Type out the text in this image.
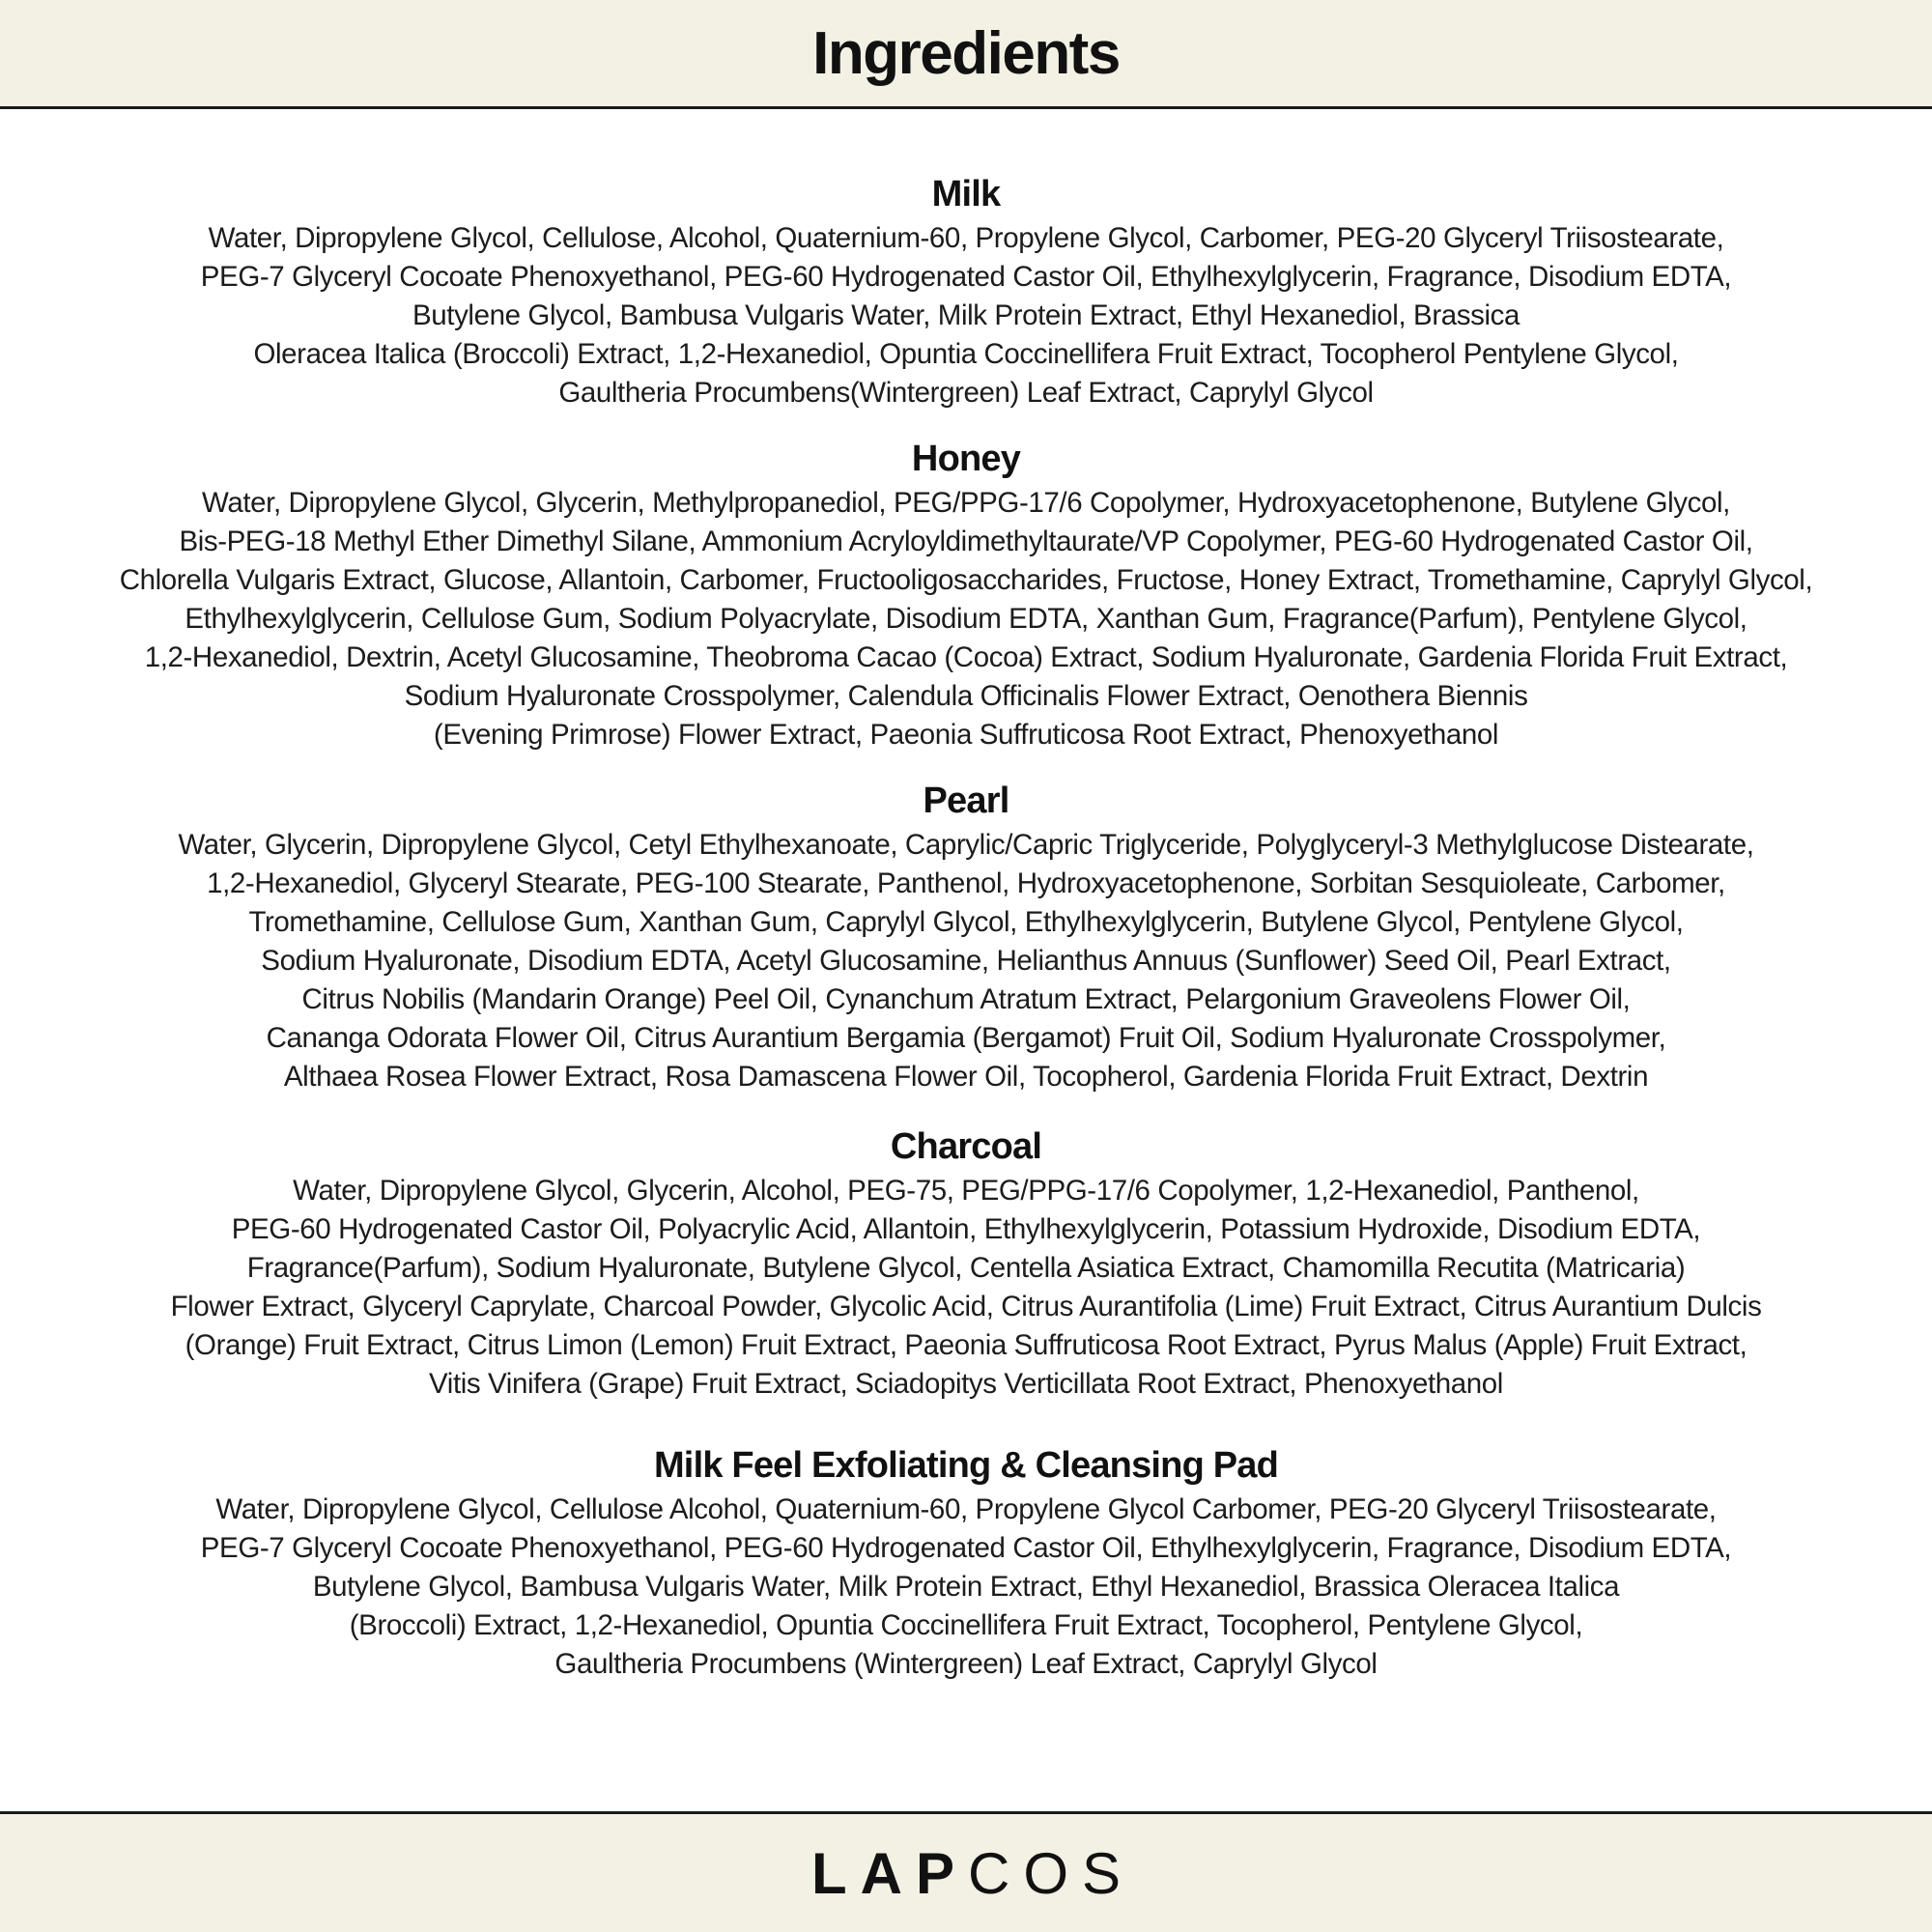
Ingredients
Milk
Water, Dipropylene Glycol, Cellulose, Alcohol, Quaternium-60, Propylene Glycol, Carbomer, PEG-20 Glyceryl Triisostearate,
PEG-7 Glyceryl Cocoate Phenoxyethanol, PEG-60 Hydrogenated Castor Oil, Ethylhexylglycerin, Fragrance, Disodium EDTA,
Butylene Glycol, Bambusa Vulgaris Water, Milk Protein Extract, Ethyl Hexanediol, Brassica
Oleracea Italica (Broccoli) Extract, 1,2-Hexanediol, Opuntia Coccinellifera Fruit Extract, Tocopherol Pentylene Glycol,
Gaultheria Procumbens(Wintergreen) Leaf Extract, Caprylyl Glycol
Honey
Water, Dipropylene Glycol, Glycerin, Methylpropanediol, PEG/PPG-17/6 Copolymer, Hydroxyacetophenone, Butylene Glycol,
Bis-PEG-18 Methyl Ether Dimethyl Silane, Ammonium Acryloyldimethyltaurate/VP Copolymer, PEG-60 Hydrogenated Castor Oil,
Chlorella Vulgaris Extract, Glucose, Allantoin, Carbomer, Fructooligosaccharides, Fructose, Honey Extract, Tromethamine, Caprylyl Glycol,
Ethylhexylglycerin, Cellulose Gum, Sodium Polyacrylate, Disodium EDTA, Xanthan Gum, Fragrance(Parfum), Pentylene Glycol,
1,2-Hexanediol, Dextrin, Acetyl Glucosamine, Theobroma Cacao (Cocoa) Extract, Sodium Hyaluronate, Gardenia Florida Fruit Extract,
Sodium Hyaluronate Crosspolymer, Calendula Officinalis Flower Extract, Oenothera Biennis
(Evening Primrose) Flower Extract, Paeonia Suffruticosa Root Extract, Phenoxyethanol
Pearl
Water, Glycerin, Dipropylene Glycol, Cetyl Ethylhexanoate, Caprylic/Capric Triglyceride, Polyglyceryl-3 Methylglucose Distearate,
1,2-Hexanediol, Glyceryl Stearate, PEG-100 Stearate, Panthenol, Hydroxyacetophenone, Sorbitan Sesquioleate, Carbomer,
Tromethamine, Cellulose Gum, Xanthan Gum, Caprylyl Glycol, Ethylhexylglycerin, Butylene Glycol, Pentylene Glycol,
Sodium Hyaluronate, Disodium EDTA, Acetyl Glucosamine, Helianthus Annuus (Sunflower) Seed Oil, Pearl Extract,
Citrus Nobilis (Mandarin Orange) Peel Oil, Cynanchum Atratum Extract, Pelargonium Graveolens Flower Oil,
Cananga Odorata Flower Oil, Citrus Aurantium Bergamia (Bergamot) Fruit Oil, Sodium Hyaluronate Crosspolymer,
Althaea Rosea Flower Extract, Rosa Damascena Flower Oil, Tocopherol, Gardenia Florida Fruit Extract, Dextrin
Charcoal
Water, Dipropylene Glycol, Glycerin, Alcohol, PEG-75, PEG/PPG-17/6 Copolymer, 1,2-Hexanediol, Panthenol,
PEG-60 Hydrogenated Castor Oil, Polyacrylic Acid, Allantoin, Ethylhexylglycerin, Potassium Hydroxide, Disodium EDTA,
Fragrance(Parfum), Sodium Hyaluronate, Butylene Glycol, Centella Asiatica Extract, Chamomilla Recutita (Matricaria)
Flower Extract, Glyceryl Caprylate, Charcoal Powder, Glycolic Acid, Citrus Aurantifolia (Lime) Fruit Extract, Citrus Aurantium Dulcis
(Orange) Fruit Extract, Citrus Limon (Lemon) Fruit Extract, Paeonia Suffruticosa Root Extract, Pyrus Malus (Apple) Fruit Extract,
Vitis Vinifera (Grape) Fruit Extract, Sciadopitys Verticillata Root Extract, Phenoxyethanol
Milk Feel Exfoliating & Cleansing Pad
Water, Dipropylene Glycol, Cellulose Alcohol, Quaternium-60, Propylene Glycol Carbomer, PEG-20 Glyceryl Triisostearate,
PEG-7 Glyceryl Cocoate Phenoxyethanol, PEG-60 Hydrogenated Castor Oil, Ethylhexylglycerin, Fragrance, Disodium EDTA,
Butylene Glycol, Bambusa Vulgaris Water, Milk Protein Extract, Ethyl Hexanediol, Brassica Oleracea Italica
(Broccoli) Extract, 1,2-Hexanediol, Opuntia Coccinellifera Fruit Extract, Tocopherol, Pentylene Glycol,
Gaultheria Procumbens (Wintergreen) Leaf Extract, Caprylyl Glycol
LAPCOS
